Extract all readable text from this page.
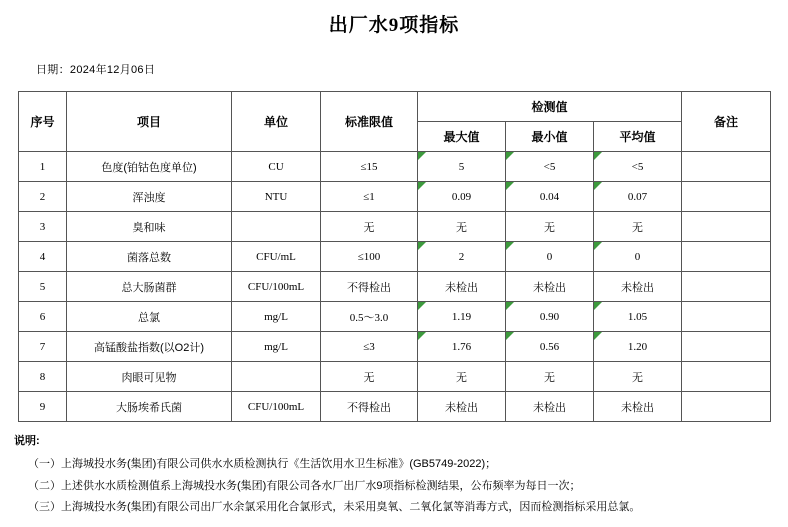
出厂水9项指标
日期：2024年12月06日
序号	项目	单位	标准限值	检测值			备注
				最大值	最小值	平均值	
1	色度(铂钴色度单位)	CU	≤15	5	<5	<5	
2	浑浊度	NTU	≤1	0.09	0.04	0.07	
3	臭和味		无	无	无	无	
4	菌落总数	CFU/mL	≤100	2	0	0	
5	总大肠菌群	CFU/100mL	不得检出	未检出	未检出	未检出	
6	总氯	mg/L	0.5～3.0	1.19	0.90	1.05	
7	高锰酸盐指数(以O2计)	mg/L	≤3	1.76	0.56	1.20	
8	肉眼可见物		无	无	无	无	
9	大肠埃希氏菌	CFU/100mL	不得检出	未检出	未检出	未检出	
说明:
（一）上海城投水务(集团)有限公司供水水质检测执行《生活饮用水卫生标准》(GB5749-2022)；
（二）上述供水水质检测值系上海城投水务(集团)有限公司各水厂出厂水9项指标检测结果，公布频率为每日一次；
（三）上海城投水务(集团)有限公司出厂水余氯采用化合氯形式，未采用臭氧、二氧化氯等消毒方式，因而检测指标采用总氯。
